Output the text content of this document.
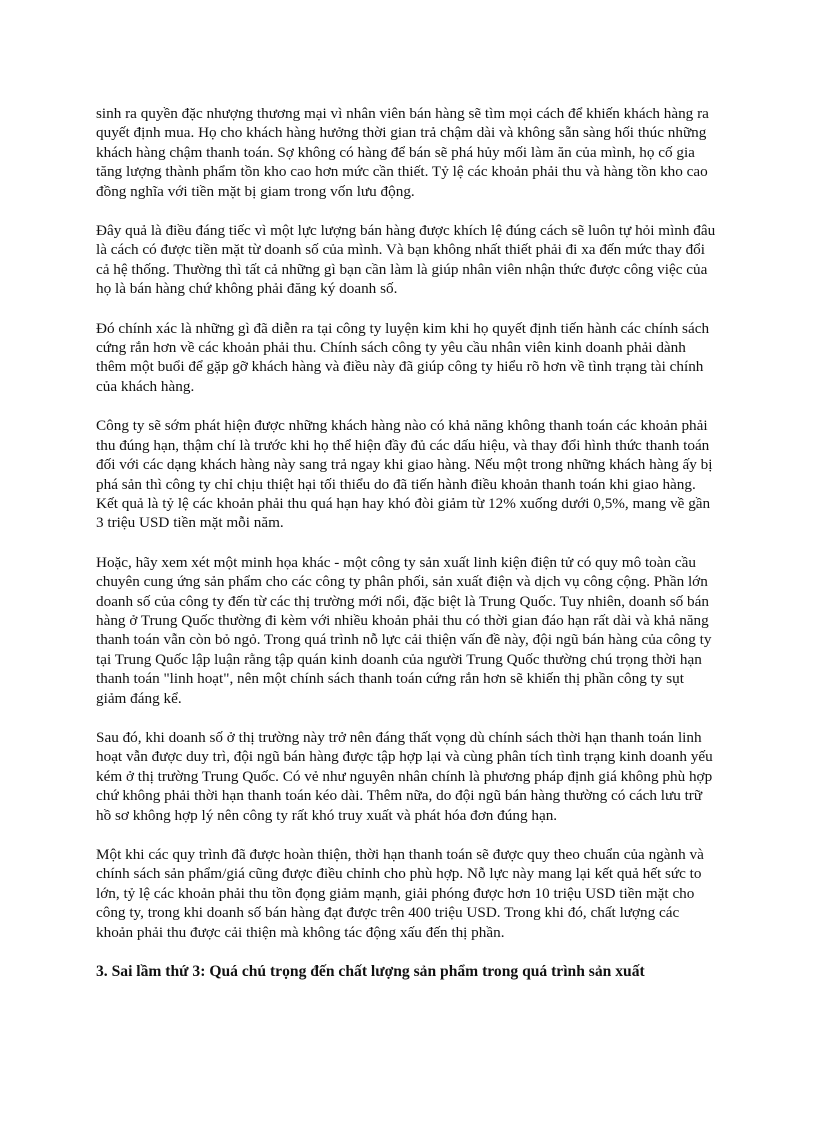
sinh ra quyền đặc nhượng thương mại vì nhân viên bán hàng sẽ tìm mọi cách để khiến khách hàng ra quyết định mua. Họ cho khách hàng hưởng thời gian trả chậm dài và không sẵn sàng hối thúc những khách hàng chậm thanh toán. Sợ không có hàng để bán sẽ phá hủy mối làm ăn của mình, họ cố gia tăng lượng thành phẩm tồn kho cao hơn mức cần thiết. Tỷ lệ các khoản phải thu và hàng tồn kho cao đồng nghĩa với tiền mặt bị giam trong vốn lưu động.

Đây quả là điều đáng tiếc vì một lực lượng bán hàng được khích lệ đúng cách sẽ luôn tự hỏi mình đâu là cách có được tiền mặt từ doanh số của mình. Và bạn không nhất thiết phải đi xa đến mức thay đổi cả hệ thống. Thường thì tất cả những gì bạn cần làm là giúp nhân viên nhận thức được công việc của họ là bán hàng chứ không phải đăng ký doanh số.

Đó chính xác là những gì đã diễn ra tại công ty luyện kim khi họ quyết định tiến hành các chính sách cứng rắn hơn về các khoản phải thu. Chính sách công ty yêu cầu nhân viên kinh doanh phải dành thêm một buổi để gặp gỡ khách hàng và điều này đã giúp công ty hiểu rõ hơn về tình trạng tài chính của khách hàng.

Công ty sẽ sớm phát hiện được những khách hàng nào có khả năng không thanh toán các khoản phải thu đúng hạn, thậm chí là trước khi họ thể hiện đầy đủ các dấu hiệu, và thay đổi hình thức thanh toán đối với các dạng khách hàng này sang trả ngay khi giao hàng. Nếu một trong những khách hàng ấy bị phá sản thì công ty chỉ chịu thiệt hại tối thiểu do đã tiến hành điều khoản thanh toán khi giao hàng. Kết quả là tỷ lệ các khoản phải thu quá hạn hay khó đòi giảm từ 12% xuống dưới 0,5%, mang về gần 3 triệu USD tiền mặt mỗi năm.

Hoặc, hãy xem xét một minh họa khác - một công ty sản xuất linh kiện điện tử có quy mô toàn cầu chuyên cung ứng sản phẩm cho các công ty phân phối, sản xuất điện và dịch vụ công cộng. Phần lớn doanh số của công ty đến từ các thị trường mới nổi, đặc biệt là Trung Quốc. Tuy nhiên, doanh số bán hàng ở Trung Quốc thường đi kèm với nhiều khoản phải thu có thời gian đáo hạn rất dài và khả năng thanh toán vẫn còn bỏ ngỏ. Trong quá trình nỗ lực cải thiện vấn đề này, đội ngũ bán hàng của công ty tại Trung Quốc lập luận rằng tập quán kinh doanh của người Trung Quốc thường chú trọng thời hạn thanh toán "linh hoạt", nên một chính sách thanh toán cứng rắn hơn sẽ khiến thị phần công ty sụt giảm đáng kể.

Sau đó, khi doanh số ở thị trường này trở nên đáng thất vọng dù chính sách thời hạn thanh toán linh hoạt vẫn được duy trì, đội ngũ bán hàng được tập hợp lại và cùng phân tích tình trạng kinh doanh yếu kém ở thị trường Trung Quốc. Có vẻ như nguyên nhân chính là phương pháp định giá không phù hợp chứ không phải thời hạn thanh toán kéo dài. Thêm nữa, do đội ngũ bán hàng thường có cách lưu trữ hồ sơ không hợp lý nên công ty rất khó truy xuất và phát hóa đơn đúng hạn.

Một khi các quy trình đã được hoàn thiện, thời hạn thanh toán sẽ được quy theo chuẩn của ngành và chính sách sản phẩm/giá cũng được điều chỉnh cho phù hợp. Nỗ lực này mang lại kết quả hết sức to lớn, tỷ lệ các khoản phải thu tồn đọng giảm mạnh, giải phóng được hơn 10 triệu USD tiền mặt cho công ty, trong khi doanh số bán hàng đạt được trên 400 triệu USD. Trong khi đó, chất lượng các khoản phải thu được cải thiện mà không tác động xấu đến thị phần.

3. Sai lầm thứ 3: Quá chú trọng đến chất lượng sản phẩm trong quá trình sản xuất
